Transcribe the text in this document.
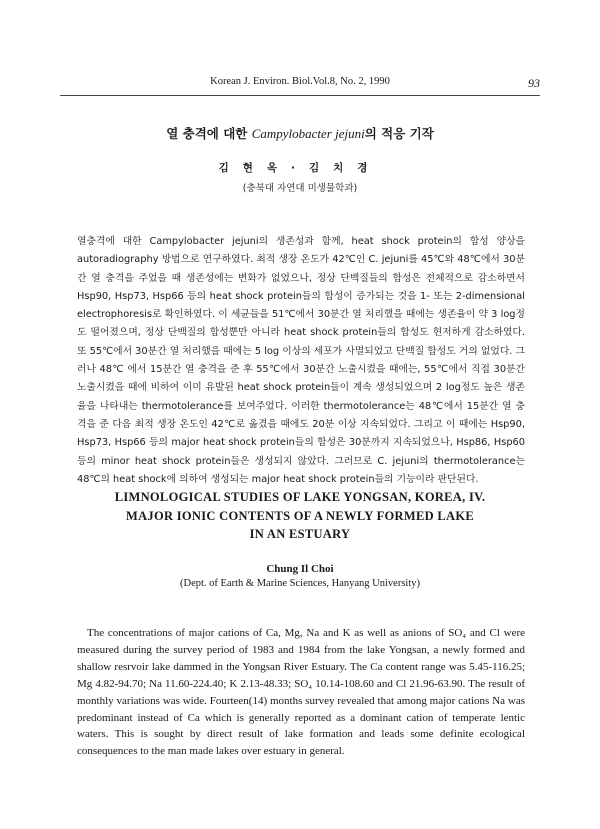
Korean J. Environ. Biol.Vol.8, No. 2, 1990	93
열 충격에 대한 Campylobacter jejuni의 적응 기작
김현옥·김치경
(충북대 자연대 미생물학과)

열충격에 대한 Campylobacter jejuni의 생존성과 함께, heat shock protein의 합성 양상을 autoradiography 방법으로 연구하였다. 최적 생장 온도가 42℃인 C. jejuni를 45℃와 48℃에서 30분간 열 충격을 주었을 때 생존성에는 변화가 없었으나, 정상 단백질들의 합성은 전체적으로 감소하면서 Hsp90, Hsp73, Hsp66 등의 heat shock protein들의 합성이 증가되는 것을 1- 또는 2-dimensional electrophoresis로 확인하였다. 이 세균들을 51℃에서 30분간 열 처리했을 때에는 생존율이 약 3 log정도 떨어졌으며, 정상 단백질의 합성뿐만 아니라 heat shock protein들의 합성도 현저하게 감소하였다. 또 55℃에서 30분간 열 처리했을 때에는 5 log 이상의 세포가 사멸되었고 단백질 합성도 거의 없었다. 그러나 48℃ 에서 15분간 열 충격을 준 후 55℃에서 30분간 노출시켰을 때에는, 55℃에서 직접 30분간 노출시켰을 때에 비하여 이미 유발된 heat shock protein들이 계속 생성되었으며 2 log정도 높은 생존율을 나타내는 thermotolerance를 보여주었다. 이러한 thermotolerance는 48℃에서 15분간 열 충격을 준 다음 최적 생장 온도인 42℃로 옮겼을 때에도 20분 이상 지속되었다. 그리고 이 때에는 Hsp90, Hsp73, Hsp66 등의 major heat shock protein들의 합성은 30분까지 지속되었으나, Hsp86, Hsp60 등의 minor heat shock protein들은 생성되지 않았다. 그러므로 C. jejuni의 thermotolerance는 48℃의 heat shock에 의하여 생성되는 major heat shock protein들의 기능이라 판단된다.

LIMNOLOGICAL STUDIES OF LAKE YONGSAN, KOREA, IV.
MAJOR IONIC CONTENTS OF A NEWLY FORMED LAKE
IN AN ESTUARY
Chung Il Choi
(Dept. of Earth & Marine Sciences, Hanyang University)

The concentrations of major cations of Ca, Mg, Na and K as well as anions of SO₄ and Cl were measured during the survey period of 1983 and 1984 from the lake Yongsan, a newly formed and shallow resrvoir lake dammed in the Yongsan River Estuary. The Ca content range was 5.45-116.25; Mg 4.82-94.70; Na 11.60-224.40; K 2.13-48.33; SO₄ 10.14-108.60 and Cl 21.96-63.90. The result of monthly variations was wide. Fourteen(14) months survey revealed that among major cations Na was predominant instead of Ca which is generally reported as a dominant cation of temperate lentic waters. This is sought by direct result of lake formation and leads some definite ecological consequences to the man made lakes over estuary in general.
